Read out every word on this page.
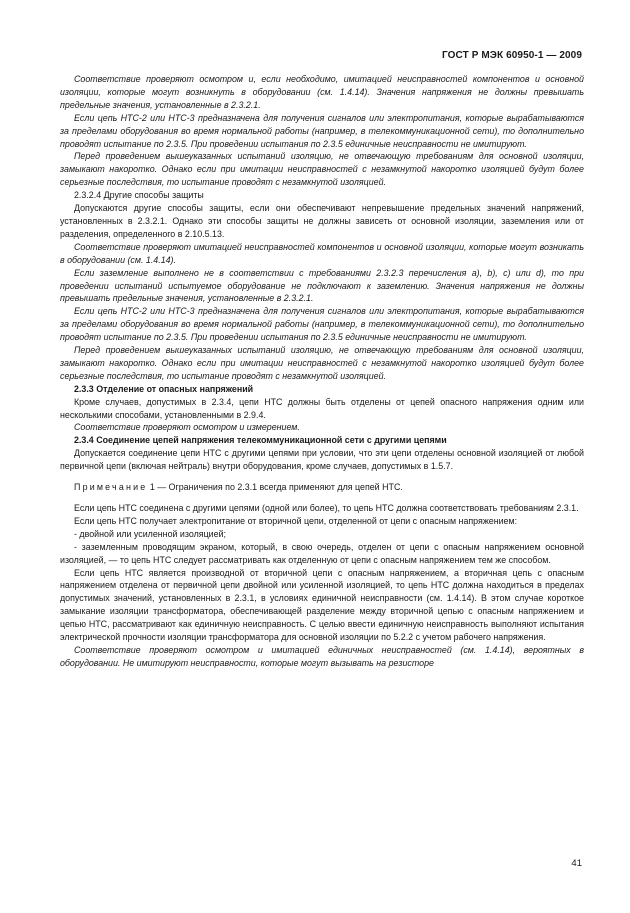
ГОСТ Р МЭК 60950-1 — 2009

Соответствие проверяют осмотром и, если необходимо, имитацией неисправностей компонентов и основной изоляции, которые могут возникнуть в оборудовании (см. 1.4.14). Значения напряжения не должны превышать предельные значения, установленные в 2.3.2.1.

Если цепь НТС-2 или НТС-3 предназначена для получения сигналов или электропитания, которые вырабатываются за пределами оборудования во время нормальной работы (например, в телекоммуникационной сети), то дополнительно проводят испытание по 2.3.5. При проведении испытания по 2.3.5 единичные неисправности не имитируют.

Перед проведением вышеуказанных испытаний изоляцию, не отвечающую требованиям для основной изоляции, замыкают накоротко. Однако если при имитации неисправностей с незамкнутой накоротко изоляцией будут более серьезные последствия, то испытание проводят с незамкнутой изоляцией.

2.3.2.4 Другие способы защиты

Допускаются другие способы защиты, если они обеспечивают непревышение предельных значений напряжений, установленных в 2.3.2.1. Однако эти способы защиты не должны зависеть от основной изоляции, заземления или от разделения, определенного в 2.10.5.13.

Соответствие проверяют имитацией неисправностей компонентов и основной изоляции, которые могут возникать в оборудовании (см. 1.4.14).

Если заземление выполнено не в соответствии с требованиями 2.3.2.3 перечисления a), b), c) или d), то при проведении испытаний испытуемое оборудование не подключают к заземлению. Значения напряжения не должны превышать предельные значения, установленные в 2.3.2.1.

Если цепь НТС-2 или НТС-3 предназначена для получения сигналов или электропитания, которые вырабатываются за пределами оборудования во время нормальной работы (например, в телекоммуникационной сети), то дополнительно проводят испытание по 2.3.5. При проведении испытания по 2.3.5 единичные неисправности не имитируют.

Перед проведением вышеуказанных испытаний изоляцию, не отвечающую требованиям для основной изоляции, замыкают накоротко. Однако если при имитации неисправностей с незамкнутой накоротко изоляцией будут более серьезные последствия, то испытание проводят с незамкнутой изоляцией.

2.3.3 Отделение от опасных напряжений

Кроме случаев, допустимых в 2.3.4, цепи НТС должны быть отделены от цепей опасного напряжения одним или несколькими способами, установленными в 2.9.4.

Соответствие проверяют осмотром и измерением.

2.3.4 Соединение цепей напряжения телекоммуникационной сети с другими цепями

Допускается соединение цепи НТС с другими цепями при условии, что эти цепи отделены основной изоляцией от любой первичной цепи (включая нейтраль) внутри оборудования, кроме случаев, допустимых в 1.5.7.

Примечание 1 — Ограничения по 2.3.1 всегда применяют для цепей НТС.

Если цепь НТС соединена с другими цепями (одной или более), то цепь НТС должна соответствовать требованиям 2.3.1.

Если цепь НТС получает электропитание от вторичной цепи, отделенной от цепи с опасным напряжением:

- двойной или усиленной изоляцией;

- заземленным проводящим экраном, который, в свою очередь, отделен от цепи с опасным напряжением основной изоляцией, — то цепь НТС следует рассматривать как отделенную от цепи с опасным напряжением тем же способом.

Если цепь НТС является производной от вторичной цепи с опасным напряжением, а вторичная цепь с опасным напряжением отделена от первичной цепи двойной или усиленной изоляцией, то цепь НТС должна находиться в пределах допустимых значений, установленных в 2.3.1, в условиях единичной неисправности (см. 1.4.14). В этом случае короткое замыкание изоляции трансформатора, обеспечивающей разделение между вторичной цепью с опасным напряжением и цепью НТС, рассматривают как единичную неисправность. С целью ввести единичную неисправность выполняют испытания электрической прочности изоляции трансформатора для основной изоляции по 5.2.2 с учетом рабочего напряжения.

Соответствие проверяют осмотром и имитацией единичных неисправностей (см. 1.4.14), вероятных в оборудовании. Не имитируют неисправности, которые могут вызывать на резисторе

41
